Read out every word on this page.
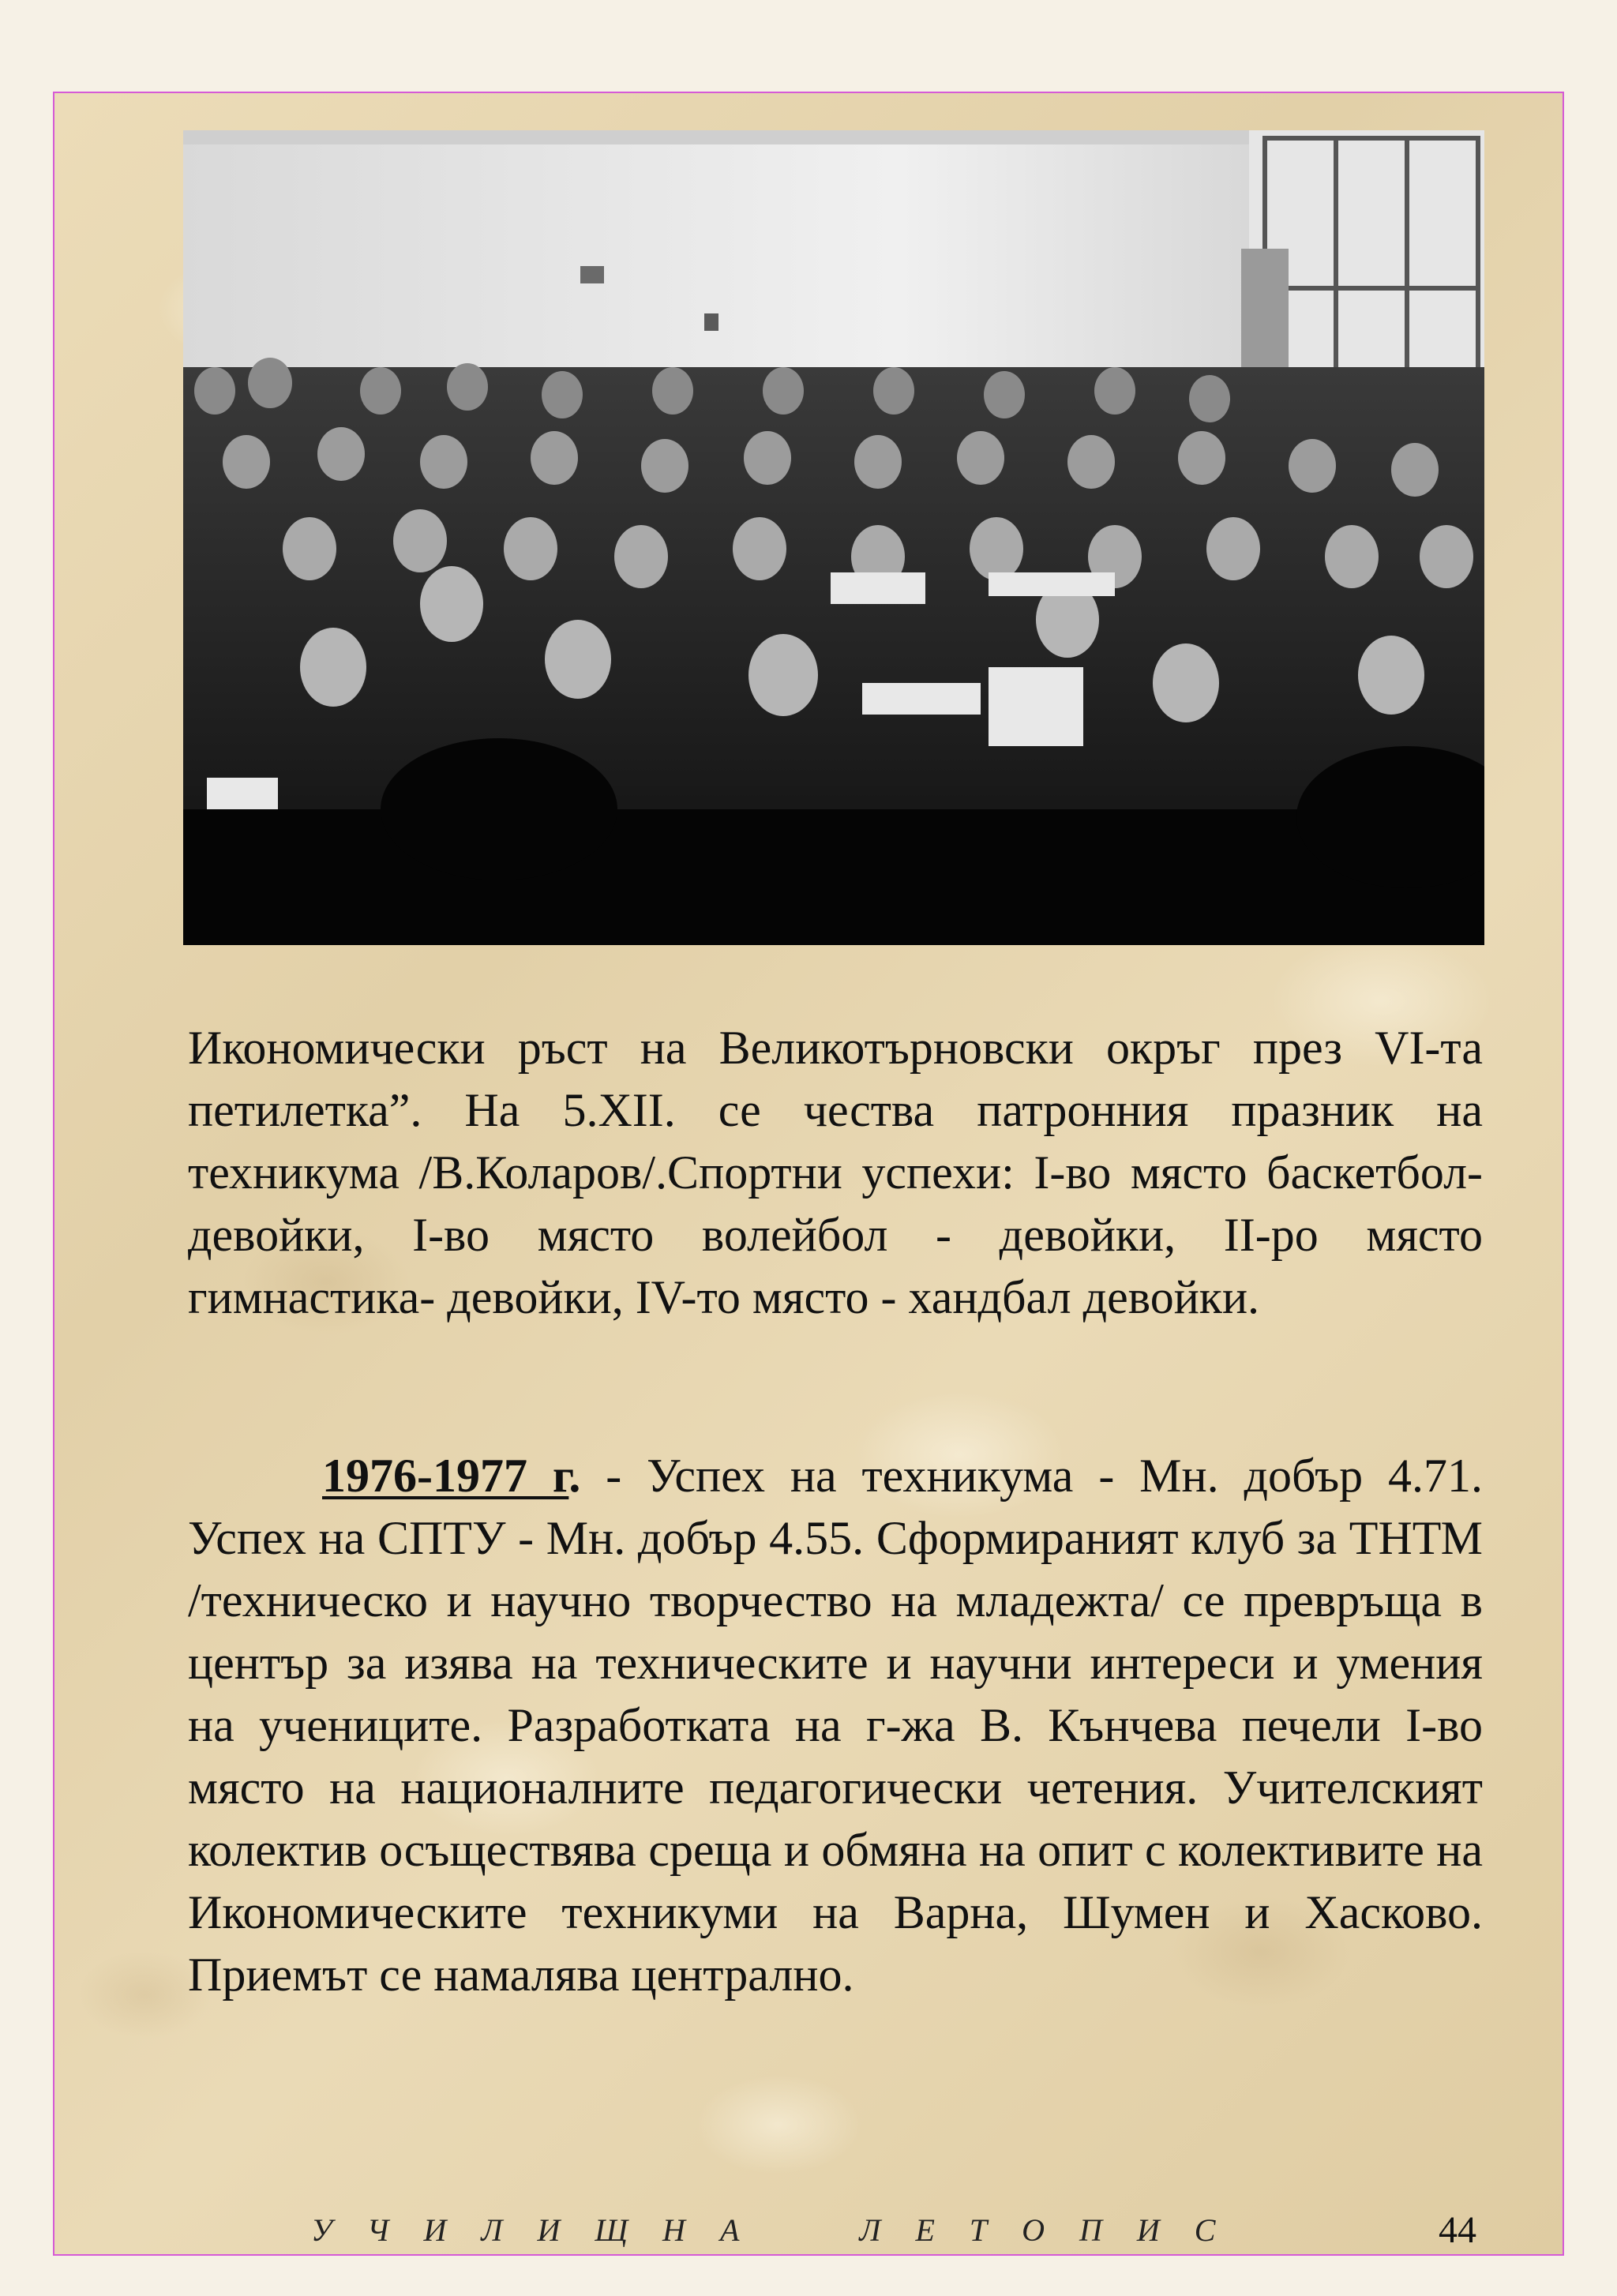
Икономически ръст на Великотърновски окръг през VI-та петилетка”. На 5.XII. се чества патронния празник на техникума /В.Коларов/.Спортни успехи: I-во място баскетбол- девойки, I-во място волейбол - девойки, II-ро място гимнастика- девойки, IV-то място - хандбал девойки.

1976-1977 г. - Успех на техникума - Мн. добър 4.71. Успех на СПТУ - Мн. добър 4.55. Сформираният клуб за ТНТМ /техническо и научно творчество на младежта/ се превръща в център за изява на техническите и научни интереси и умения на учениците. Разработката на г-жа В. Кънчева печели I-во място на националните педагогически четения. Учителският колектив осъществява среща и обмяна на опит с колективите на Икономическите техникуми на Варна, Шумен и Хасково. Приемът се намалява централно.

УЧИЛИЩНА  ЛЕТОПИС	44
